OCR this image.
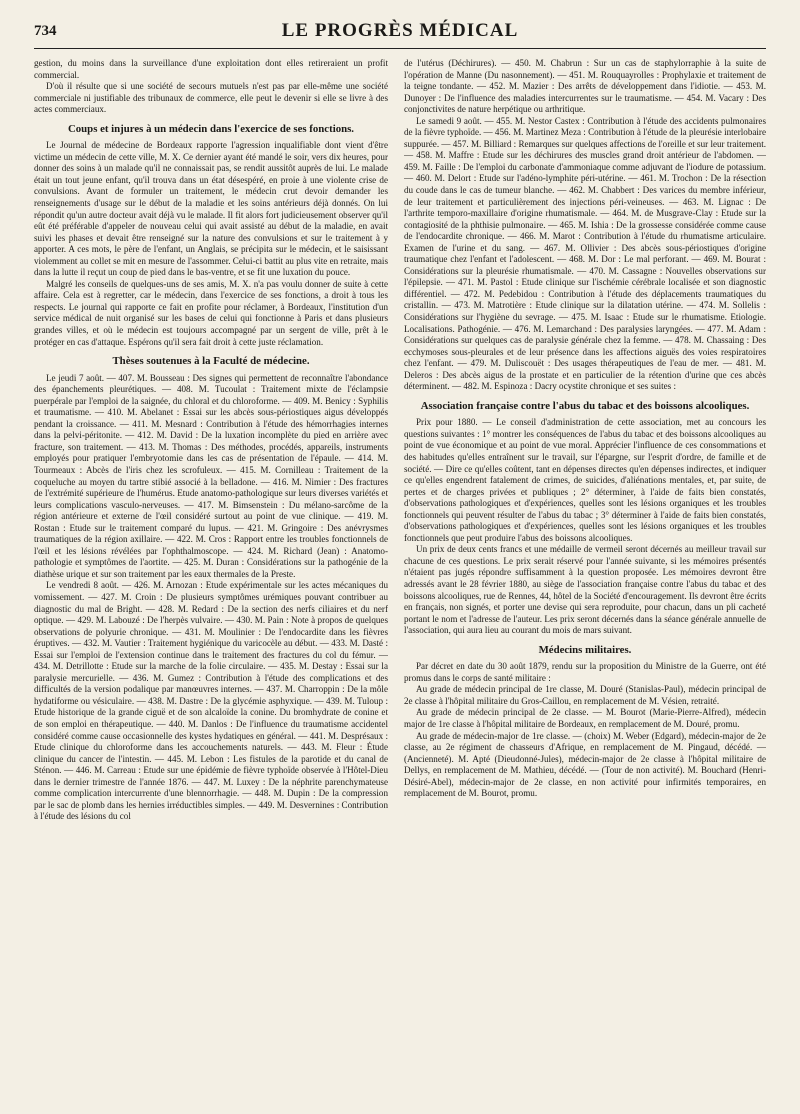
734	LE PROGRÈS MÉDICAL

gestion, du moins dans la surveillance d'une exploitation dont elles retireraient un profit commercial.

D'où il résulte que si une société de secours mutuels n'est pas par elle-même une société commerciale ni justifiable des tribunaux de commerce, elle peut le devenir si elle se livre à des actes commerciaux.

Coups et injures à un médecin dans l'exercice de ses fonctions.

Le Journal de médecine de Bordeaux rapporte l'agression inqualifiable dont vient d'être victime un médecin de cette ville, M. X. Ce dernier ayant été mandé le soir, vers dix heures, pour donner des soins à un malade qu'il ne connaissait pas, se rendit aussitôt auprès de lui. Le malade était un tout jeune enfant, qu'il trouva dans un état désespéré, en proie à une violente crise de convulsions. Avant de formuler un traitement, le médecin crut devoir demander les renseignements d'usage sur le début de la maladie et les soins antérieurs déjà donnés. On lui répondit qu'un autre docteur avait déjà vu le malade. Il fit alors fort judicieusement observer qu'il eût été préférable d'appeler de nouveau celui qui avait assisté au début de la maladie, en avait suivi les phases et devait être renseigné sur la nature des convulsions et sur le traitement à y apporter. A ces mots, le père de l'enfant, un Anglais, se précipita sur le médecin, et le saisissant violemment au collet se mit en mesure de l'assommer. Celui-ci battit au plus vite en retraite, mais dans la lutte il reçut un coup de pied dans le bas-ventre, et se fit une luxation du pouce.

Malgré les conseils de quelques-uns de ses amis, M. X. n'a pas voulu donner de suite à cette affaire. Cela est à regretter, car le médecin, dans l'exercice de ses fonctions, a droit à tous les respects. Le journal qui rapporte ce fait en profite pour réclamer, à Bordeaux, l'institution d'un service médical de nuit organisé sur les bases de celui qui fonctionne à Paris et dans plusieurs grandes villes, et où le médecin est toujours accompagné par un sergent de ville, prêt à le protéger en cas d'attaque. Espérons qu'il sera fait droit à cette juste réclamation.

Thèses soutenues à la Faculté de médecine.

Le jeudi 7 août. — 407. M. Bousseau : Des signes qui permettent de reconnaître l'abondance des épanchements pleurétiques. — 408. M. Tucoulat : Traitement mixte de l'éclampsie puerpérale par l'emploi de la saignée, du chloral et du chloroforme. — 409. M. Benicy : Syphilis et traumatisme. — 410. M. Abelanet : Essai sur les abcès sous-périostiques aigus développés pendant la croissance. — 411. M. Mesnard : Contribution à l'étude des hémorrhagies internes dans la pelvi-péritonite. — 412. M. David : De la luxation incomplète du pied en arrière avec fracture, son traitement. — 413. M. Thomas : Des méthodes, procédés, appareils, instruments employés pour pratiquer l'embryotomie dans les cas de présentation de l'épaule. — 414. M. Tourmeaux : Abcès de l'iris chez les scrofuleux. — 415. M. Cornilleau : Traitement de la coqueluche au moyen du tartre stibié associé à la belladone. — 416. M. Nimier : Des fractures de l'extrémité supérieure de l'humérus. Etude anatomo-pathologique sur leurs diverses variétés et leurs complications vasculo-nerveuses. — 417. M. Bimsenstein : Du mélano-sarcôme de la région antérieure et externe de l'œil considéré surtout au point de vue clinique. — 419. M. Rostan : Etude sur le traitement comparé du lupus. — 421. M. Gringoire : Des anévrysmes traumatiques de la région axillaire. — 422. M. Cros : Rapport entre les troubles fonctionnels de l'œil et les lésions révélées par l'ophthalmoscope. — 424. M. Richard (Jean) : Anatomo-pathologie et symptômes de l'aortite. — 425. M. Duran : Considérations sur la pathogénie de la diathèse urique et sur son traitement par les eaux thermales de la Preste.

Le vendredi 8 août. — 426. M. Arnozan : Etude expérimentale sur les actes mécaniques du vomissement. — 427. M. Croin : De plusieurs symptômes urémiques pouvant contribuer au diagnostic du mal de Bright. — 428. M. Redard : De la section des nerfs ciliaires et du nerf optique. — 429. M. Labouzé : De l'herpès vulvaire. — 430. M. Pain : Note à propos de quelques observations de polyurie chronique. — 431. M. Moulinier : De l'endocardite dans les fièvres éruptives. — 432. M. Vautier : Traitement hygiénique du varicocèle au début. — 433. M. Dasté : Essai sur l'emploi de l'extension continue dans le traitement des fractures du col du fémur. — 434. M. Detrillotte : Etude sur la marche de la folie circulaire. — 435. M. Destay : Essai sur la paralysie mercurielle. — 436. M. Gumez : Contribution à l'étude des complications et des difficultés de la version podalique par manœuvres internes. — 437. M. Charroppin : De la môle hydatiforme ou vésiculaire. — 438. M. Dastre : De la glycémie asphyxique. — 439. M. Tuloup : Etude historique de la grande ciguë et de son alcaloïde la conine. Du bromhydrate de conine et de son emploi en thérapeutique. — 440. M. Danlos : De l'influence du traumatisme accidentel considéré comme cause occasionnelle des kystes hydatiques en général. — 441. M. Desprésaux : Etude clinique du chloroforme dans les accouchements naturels. — 443. M. Fleur : Étude clinique du cancer de l'intestin. — 445. M. Lebon : Les fistules de la parotide et du canal de Sténon. — 446. M. Carreau : Etude sur une épidémie de fièvre typhoïde observée à l'Hôtel-Dieu dans le dernier trimestre de l'année 1876. — 447. M. Luxey : De la néphrite parenchymateuse comme complication intercurrente d'une blennorrhagie. — 448. M. Dupin : De la compression par le sac de plomb dans les hernies irréductibles simples. — 449. M. Desvernines : Contribution à l'étude des lésions du col

de l'utérus (Déchirures). — 450. M. Chabrun : Sur un cas de staphylorraphie à la suite de l'opération de Manne (Du nasonnement). — 451. M. Rouquayrolles : Prophylaxie et traitement de la teigne tondante. — 452. M. Mazier : Des arrêts de développement dans l'idiotie. — 453. M. Dunoyer : De l'influence des maladies intercurrentes sur le traumatisme. — 454. M. Vacary : Des conjonctivites de nature herpétique ou arthritique.

Le samedi 9 août. — 455. M. Nestor Castex : Contribution à l'étude des accidents pulmonaires de la fièvre typhoïde. — 456. M. Martinez Meza : Contribution à l'étude de la pleurésie interlobaire suppurée. — 457. M. Billiard : Remarques sur quelques affections de l'oreille et sur leur traitement. — 458. M. Maffre : Etude sur les déchirures des muscles grand droit antérieur de l'abdomen. — 459. M. Faille : De l'emploi du carbonate d'ammoniaque comme adjuvant de l'iodure de potassium. — 460. M. Delort : Etude sur l'adéno-lymphite péri-utérine. — 461. M. Trochon : De la résection du coude dans le cas de tumeur blanche. — 462. M. Chabbert : Des varices du membre inférieur, de leur traitement et particulièrement des injections péri-veineuses. — 463. M. Lignac : De l'arthrite temporo-maxillaire d'origine rhumatismale. — 464. M. de Musgrave-Clay : Etude sur la contagiosité de la phthisie pulmonaire. — 465. M. Ishia : De la grossesse considérée comme cause de l'endocardite chronique. — 466. M. Marot : Contribution à l'étude du rhumatisme articulaire. Examen de l'urine et du sang. — 467. M. Ollivier : Des abcès sous-périostiques d'origine traumatique chez l'enfant et l'adolescent. — 468. M. Dor : Le mal perforant. — 469. M. Bourat : Considérations sur la pleurésie rhumatismale. — 470. M. Cassagne : Nouvelles observations sur l'épilepsie. — 471. M. Pastol : Etude clinique sur l'ischémie cérébrale localisée et son diagnostic différentiel. — 472. M. Pedebidou : Contribution à l'étude des déplacements traumatiques du cristallin. — 473. M. Matrotière : Etude clinique sur la dilatation utérine. — 474. M. Sollelis : Considérations sur l'hygiène du sevrage. — 475. M. Isaac : Etude sur le rhumatisme. Etiologie. Localisations. Pathogénie. — 476. M. Lemarchand : Des paralysies laryngées. — 477. M. Adam : Considérations sur quelques cas de paralysie générale chez la femme. — 478. M. Chassaing : Des ecchymoses sous-pleurales et de leur présence dans les affections aiguës des voies respiratoires chez l'enfant. — 479. M. Duliscouët : Des usages thérapeutiques de l'eau de mer. — 481. M. Deleros : Des abcès aigus de la prostate et en particulier de la rétention d'urine que ces abcès déterminent. — 482. M. Espinoza : Dacry ocystite chronique et ses suites :

Association française contre l'abus du tabac et des boissons alcooliques.

Prix pour 1880. — Le conseil d'administration de cette association, met au concours les questions suivantes : 1° montrer les conséquences de l'abus du tabac et des boissons alcooliques au point de vue économique et au point de vue moral. Apprécier l'influence de ces consommations et des habitudes qu'elles entraînent sur le travail, sur l'épargne, sur l'esprit d'ordre, de famille et de société. — Dire ce qu'elles coûtent, tant en dépenses directes qu'en dépenses indirectes, et indiquer ce qu'elles engendrent fatalement de crimes, de suicides, d'aliénations mentales, et, par suite, de pertes et de charges privées et publiques ; 2° déterminer, à l'aide de faits bien constatés, d'observations pathologiques et d'expériences, quelles sont les lésions organiques et les troubles fonctionnels qui peuvent résulter de l'abus du tabac ; 3° déterminer à l'aide de faits bien constatés, d'observations pathologiques et d'expériences, quelles sont les lésions organiques et les troubles fonctionnels que peut produire l'abus des boissons alcooliques.

Un prix de deux cents francs et une médaille de vermeil seront décernés au meilleur travail sur chacune de ces questions. Le prix serait réservé pour l'année suivante, si les mémoires présentés n'étaient pas jugés répondre suffisamment à la question proposée. Les mémoires devront être adressés avant le 28 février 1880, au siège de l'association française contre l'abus du tabac et des boissons alcooliques, rue de Rennes, 44, hôtel de la Société d'encouragement. Ils devront être écrits en français, non signés, et porter une devise qui sera reproduite, pour chacun, dans un pli cacheté portant le nom et l'adresse de l'auteur. Les prix seront décernés dans la séance générale annuelle de l'association, qui aura lieu au courant du mois de mars suivant.

Médecins militaires.

Par décret en date du 30 août 1879, rendu sur la proposition du Ministre de la Guerre, ont été promus dans le corps de santé militaire :

Au grade de médecin principal de 1re classe, M. Douré (Stanislas-Paul), médecin principal de 2e classe à l'hôpital militaire du Gros-Caillou, en remplacement de M. Vésien, retraité.

Au grade de médecin principal de 2e classe. — M. Bourot (Marie-Pierre-Alfred), médecin major de 1re classe à l'hôpital militaire de Bordeaux, en remplacement de M. Douré, promu.

Au grade de médecin-major de 1re classe. — (choix) M. Weber (Edgard), médecin-major de 2e classe, au 2e régiment de chasseurs d'Afrique, en remplacement de M. Pingaud, décédé. — (Ancienneté). M. Apté (Dieudonné-Jules), médecin-major de 2e classe à l'hôpital militaire de Dellys, en remplacement de M. Mathieu, décédé. — (Tour de non activité). M. Bouchard (Henri-Désiré-Abel), médecin-major de 2e classe, en non activité pour infirmités temporaires, en remplacement de M. Bourot, promu.
